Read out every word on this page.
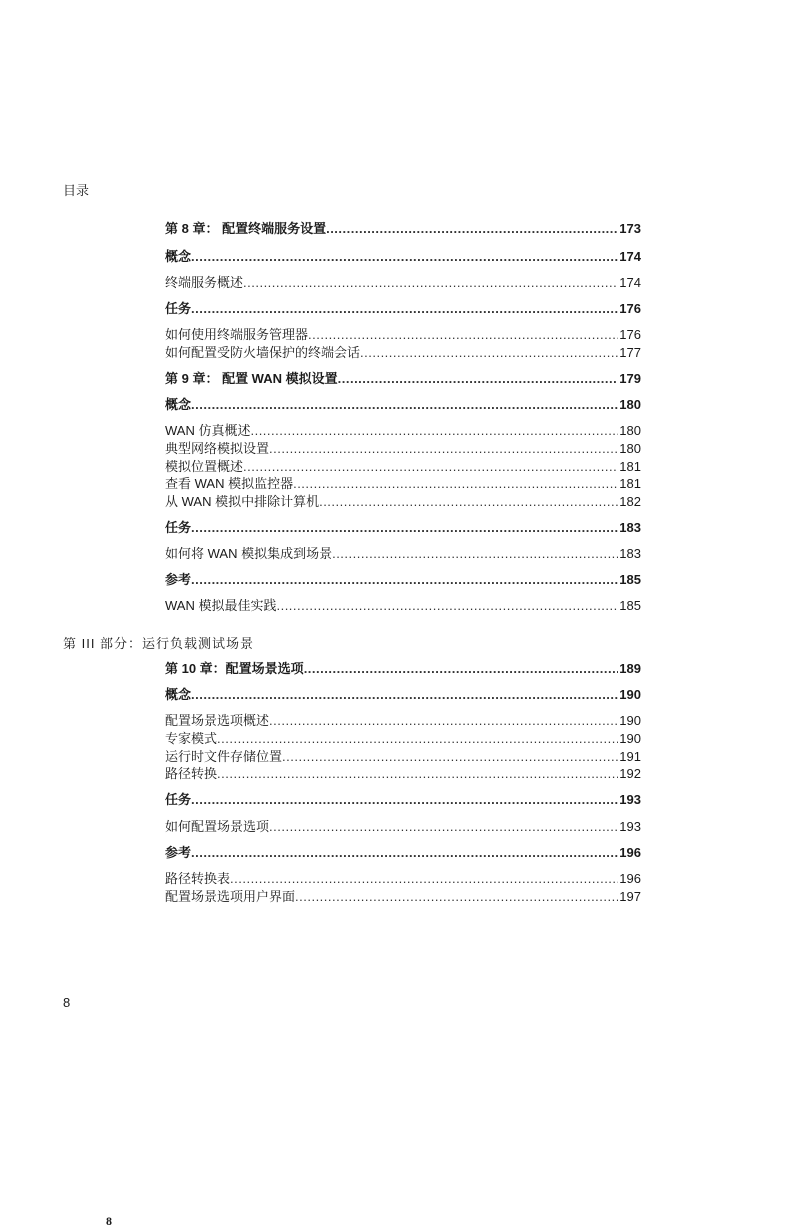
目录
第 8 章： 配置终端服务设置 .....	173
概念 .....	174
终端服务概述 .....	174
任务 .....	176
如何使用终端服务管理器 .....	176
如何配置受防火墙保护的终端会话 .....	177
第 9 章： 配置 WAN 模拟设置 .....	179
概念 .....	180
WAN 仿真概述 .....	180
典型网络模拟设置 .....	180
模拟位置概述 .....	181
查看 WAN 模拟监控器 .....	181
从 WAN 模拟中排除计算机 .....	182
任务 .....	183
如何将 WAN 模拟集成到场景 .....	183
参考 .....	185
WAN 模拟最佳实践 .....	185
第 10 章：配置场景选项 .....	189
概念 .....	190
配置场景选项概述 .....	190
专家模式 .....	190
运行时文件存储位置 .....	191
路径转换 .....	192
任务 .....	193
如何配置场景选项 .....	193
参考 .....	196
路径转换表 .....	196
配置场景选项用户界面 .....	197
第 III 部分：运行负载测试场景
8
8
